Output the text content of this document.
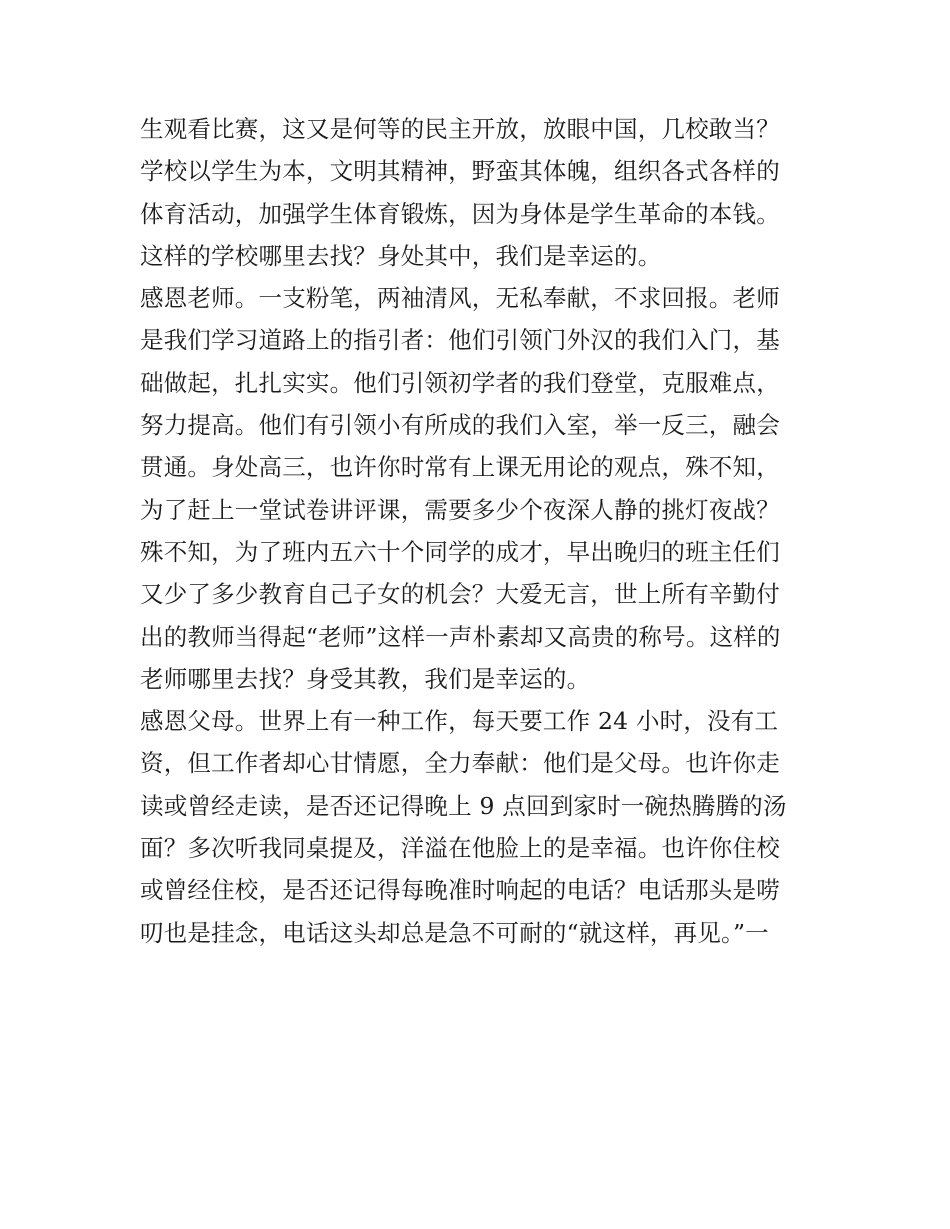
生观看比赛，这又是何等的民主开放，放眼中国，几校敢当？
学校以学生为本，文明其精神，野蛮其体魄，组织各式各样的
体育活动，加强学生体育锻炼，因为身体是学生革命的本钱。
这样的学校哪里去找？身处其中，我们是幸运的。
感恩老师。一支粉笔，两袖清风，无私奉献，不求回报。老师
是我们学习道路上的指引者：他们引领门外汉的我们入门，基
础做起，扎扎实实。他们引领初学者的我们登堂，克服难点，
努力提高。他们有引领小有所成的我们入室，举一反三，融会
贯通。身处高三，也许你时常有上课无用论的观点，殊不知，
为了赶上一堂试卷讲评课，需要多少个夜深人静的挑灯夜战？
殊不知，为了班内五六十个同学的成才，早出晚归的班主任们
又少了多少教育自己子女的机会？大爱无言，世上所有辛勤付
出的教师当得起“老师”这样一声朴素却又高贵的称号。这样的
老师哪里去找？身受其教，我们是幸运的。
感恩父母。世界上有一种工作，每天要工作 24 小时，没有工
资，但工作者却心甘情愿，全力奉献：他们是父母。也许你走
读或曾经走读，是否还记得晚上 9 点回到家时一碗热腾腾的汤
面？多次听我同桌提及，洋溢在他脸上的是幸福。也许你住校
或曾经住校，是否还记得每晚准时响起的电话？电话那头是唠
叨也是挂念，电话这头却总是急不可耐的“就这样，再见。”一
